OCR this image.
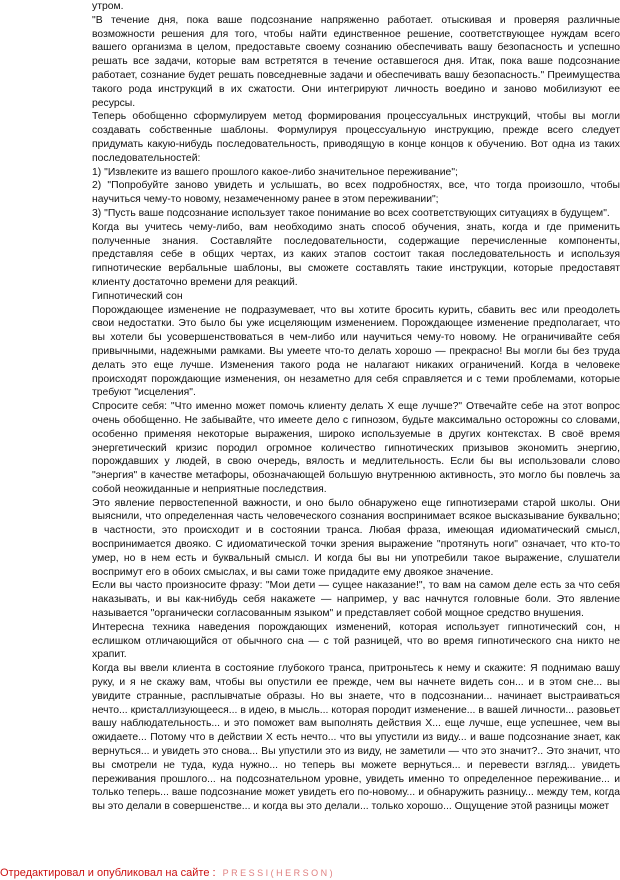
утром.

"В течение дня, пока ваше подсознание напряженно работает. отыскивая и проверяя различные возможности решения для того, чтобы найти единственное решение, соответствующее нуждам всего вашего организма в целом, предоставьте своему сознанию обеспечивать вашу безопасность и успешно решать все задачи, которые вам встретятся в течение оставшегося дня. Итак, пока ваше подсознание работает, сознание будет решать повседневные задачи и обеспечивать вашу безопасность." Преимущества такого рода инструкций в их сжатости. Они интегрируют личность воедино и заново мобилизуют ее ресурсы.

Теперь обобщенно сформулируем метод формирования процессуальных инструкций, чтобы вы могли создавать собственные шаблоны. Формулируя процессуальную инструкцию, прежде всего следует придумать какую-нибудь последовательность, приводящую в конце концов к обучению. Вот одна из таких последовательностей:

1) "Извлеките из вашего прошлого какое-либо значительное переживание";

2) "Попробуйте заново увидеть и услышать, во всех подробностях, все, что тогда произошло, чтобы научиться чему-то новому, незамеченному ранее в этом переживании";

3) "Пусть ваше подсознание использует такое понимание во всех соответствующих ситуациях в будущем".

Когда вы учитесь чему-либо, вам необходимо знать способ обучения, знать, когда и где применить полученные знания. Составляйте последовательности, содержащие перечисленные компоненты, представляя себе в общих чертах, из каких этапов состоит такая последовательность и используя гипнотические вербальные шаблоны, вы сможете составлять такие инструкции, которые предоставят клиенту достаточно времени для реакций.

Гипнотический сон

Порождающее изменение не подразумевает, что вы хотите бросить курить, сбавить вес или преодолеть свои недостатки. Это было бы уже исцеляющим изменением. Порождающее изменение предполагает, что вы хотели бы усовершенствоваться в чем-либо или научиться чему-то новому. Не ограничивайте себя привычными, надежными рамками. Вы умеете что-то делать хорошо — прекрасно! Вы могли бы без труда делать это еще лучше. Изменения такого рода не налагают никаких ограничений. Когда в человеке происходят порождающие изменения, он незаметно для себя справляется и с теми проблемами, которые требуют "исцеления".

Спросите себя: "Что именно может помочь клиенту делать X еще лучше?" Отвечайте себе на этот вопрос очень обобщенно. Не забывайте, что имеете дело с гипнозом, будьте максимально осторожны со словами, особенно применяя некоторые выражения, широко используемые в других контекстах. В своё время энергетический кризис породил огромное количество гипнотических призывов экономить энергию, порождавших у людей, в свою очередь, вялость и медлительность. Если бы вы использовали слово "энергия" в качестве метафоры, обозначающей большую внутреннюю активность, это могло бы повлечь за собой неожиданные и неприятные последствия.

Это явление первостепенной важности, и оно было обнаружено еще гипнотизерами старой школы. Они выяснили, что определенная часть человеческого сознания воспринимает всякое высказывание буквально; в частности, это происходит и в состоянии транса. Любая фраза, имеющая идиоматический смысл, воспринимается двояко. С идиоматической точки зрения выражение "протянуть ноги" означает, что кто-то умер, но в нем есть и буквальный смысл. И когда бы вы ни употребили такое выражение, слушатели воспримут его в обоих смыслах, и вы сами тоже придадите ему двоякое значение.

Если вы часто произносите фразу: "Мои дети — сущее наказание!", то вам на самом деле есть за что себя наказывать, и вы как-нибудь себя накажете — например, у вас начнутся головные боли. Это явление называется "органически согласованным языком" и представляет собой мощное средство внушения.

Интересна техника наведения порождающих изменений, которая использует гипнотический сон, н еслишком отличающийся от обычного сна — с той разницей, что во время гипнотического сна никто не храпит.

Когда вы ввели клиента в состояние глубокого транса, притроньтесь к нему и скажите: Я поднимаю вашу руку, и я не скажу вам, чтобы вы опустили ее прежде, чем вы начнете видеть сон... и в этом сне... вы увидите странные, расплывчатые образы. Но вы знаете, что в подсознании... начинает выстраиваться нечто... кристаллизующееся... в идею, в мысль... которая породит изменение... в вашей личности... разовьет вашу наблюдательность... и это поможет вам выполнять действия X... еще лучше, еще успешнее, чем вы ожидаете... Потому что в действии X есть нечто... что вы упустили из виду... и ваше подсознание знает, как вернуться... и увидеть это снова... Вы упустили это из виду, не заметили — что это значит?.. Это значит, что вы смотрели не туда, куда нужно... но теперь вы можете вернуться... и перевести взгляд... увидеть переживания прошлого... на подсознательном уровне, увидеть именно то определенное переживание... и только теперь... ваше подсознание может увидеть его по-новому... и обнаружить разницу... между тем, когда вы это делали в совершенстве... и когда вы это делали... только хорошо... Ощущение этой разницы может

Отредактировал и опубликовал на сайте : PRESSI(HERSON)
